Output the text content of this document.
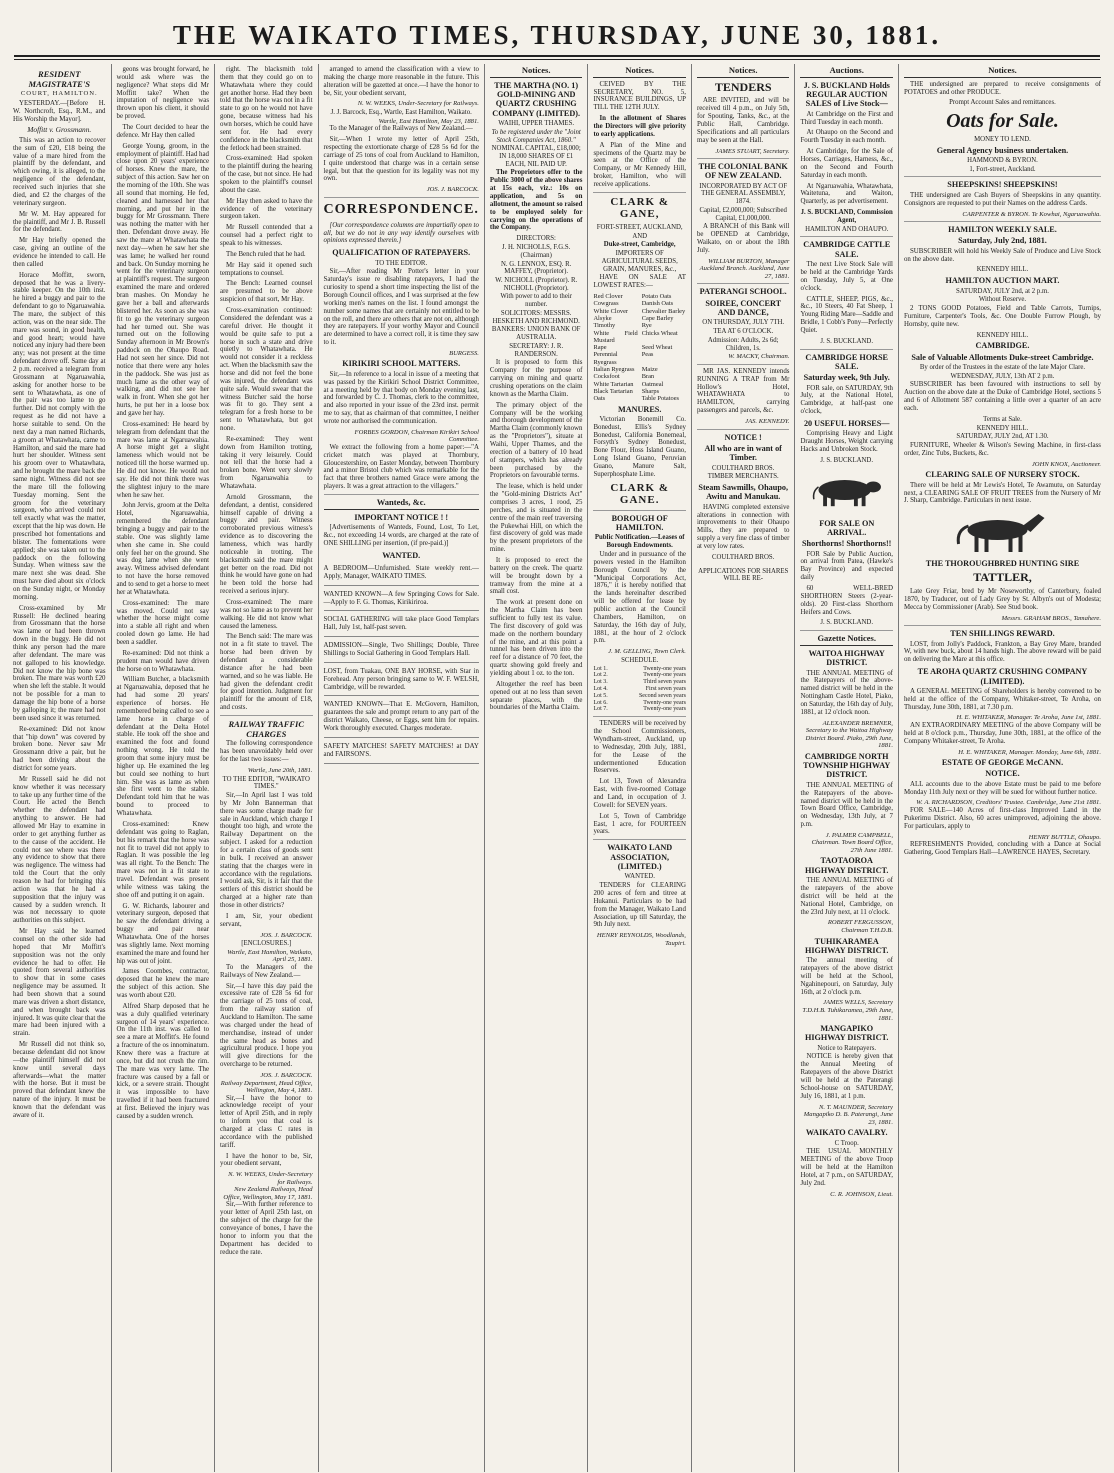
THE WAIKATO TIMES, THURSDAY, JUNE 30, 1881.
RESIDENT MAGISTRATE'S
COURT, HAMILTON.

YESTERDAY.—[Before H. W. Northcroft, Esq., R.M., and His Worship the Mayor].

Moffitt v. Grossmann.

This was an action to recover the sum of £20, £18 being the value of a mare hired from the plaintiff by the defendant, and which owing, it is alleged, to the negligence of the defendant, received such injuries that she died, and £2 the charges of the veterinary surgeon.

Mr W. M. Hay appeared for the plaintiff, and Mr J. B. Russell for the defendant.

Mr Hay briefly opened the case, giving an outline of the evidence he intended to call. He then called

Horace Moffitt, sworn, deposed that he was a livery-stable keeper. On the 10th inst. he hired a buggy and pair to the defendant to go to Ngaruawahia. The mare, the subject of this action, was on the near side. The mare was sound, in good health, and good heart; would have noticed any injury had there been any; was not present at the time defendant drove off. Same day at 2 p.m. received a telegram from Grossmann at Ngaruawahia, asking for another horse to be sent to Whatawhata, as one of the pair was too lame to go further. Did not comply with the request as he did not have a horse suitable to send. On the next day a man named Richards, a groom at Whatawhata, came to Hamilton, and said the mare had hurt her shoulder. Witness sent his groom over to Whatawhata, and he brought the mare back the same night. Witness did not see the mare till the following Tuesday morning. Sent the groom for the veterinary surgeon, who arrived could not tell exactly what was the matter, except that the hip was down. He prescribed hot fomentations and blister. The fomentations were applied; she was taken out to the paddock on the following Sunday. When witness saw the mare next she was dead. She must have died about six o'clock on the Sunday night, or Monday morning.

Cross-examined by Mr Russell: He declined hearing from Grossmann that the horse was lame or had been thrown down in the buggy. He did not think any person had the mare after defendant. The mare was not galloped to his knowledge. Did not know the hip bone was broken. The mare was worth £20 when she left the stable. It would not be possible for a man to damage the hip bone of a horse by galloping it; the mare had not been used since it was returned.

Re-examined: Did not know that "hip down" was covered by broken bone. Never saw Mr Grossmann drive a pair, but he had been driving about the district for some years.

Mr Russell said he did not know whether it was necessary to take up any further time of the Court. He acted the Bench whether the defendant had anything to answer. He had allowed Mr Hay to examine in order to get anything further as to the cause of the accident. He could not see where was there any evidence to show that there was negligence. The witness had told the Court that the only reason he had for bringing this action was that he had a supposition that the injury was caused by a sudden wrench. It was not necessary to quote authorities on this subject.

Mr Hay said he learned counsel on the other side had hoped that Mr Moffitt's supposition was not the only evidence he had to offer. He quoted from several authorities to show that in some cases negligence may be assumed. It had been shown that a sound mare was driven a short distance, and when brought back was injured. It was quite clear that the mare had been injured with a strain.

Mr Russell did not think so, because defendant did not know—the plaintiff himself did not know until several days afterwards—what the matter with the horse. But it must be proved that defendant knew the nature of the injury. It must be known that the defendant was aware of it.

geons was brought forward, he would ask where was the negligence? What steps did Mr Moffitt take? When the imputation of negligence was thrown upon his client, it should be proved.

The Court decided to hear the defence. Mr Hay then called

George Young, groom, in the employment of plaintiff. Had had close upon 20 years' experience of horses. Knew the mare, the subject of this action. Saw her on the morning of the 10th. She was all sound that morning. He fed, cleaned and harnessed her that morning, and put her in the buggy for Mr Grossmann. There was nothing the matter with her then. Defendant drove away. He saw the mare at Whatawhata the next day—when he saw her she was lame; he walked her round and back. On Sunday morning he went for the veterinary surgeon at plaintiff's request. The surgeon examined the mare and ordered bran mashes. On Monday he gave her a ball and afterwards blistered her. As soon as she was fit to go the veterinary surgeon had her turned out. She was turned out on the following Sunday afternoon in Mr Brown's paddock on the Ohaupo Road. Had not seen her since. Did not notice that there were any holes in the paddock. She was just as much lame as the other way of walking, and did not see her walk in front. When she got her hurts, he put her in a loose box and gave her hay.

Cross-examined: He heard by telegram from defendant that the mare was lame at Ngaruawahia. A horse might get a slight lameness which would not be noticed till the horse warmed up. He did not know. He would not say. He did not think there was the slightest injury to the mare when he saw her.

John Jervis, groom at the Delta Hotel, Ngaruawahia, remembered the defendant bringing a buggy and pair to the stable. One was slightly lame when she came in. She could only feel her on the ground. She was dog lame when she went away. Witness advised defendant to not have the horse removed and to send to get a horse to meet her at Whatawhata.

Cross-examined: The mare was moved. Could not say whether the horse might come into a stable all right and when cooled down go lame. He had been a saddler.

Re-examined: Did not think a prudent man would have driven the horse on to Whatawhata.

William Butcher, a blacksmith at Ngaruawahia, deposed that he had had some 20 years' experience of horses. He remembered being called to see a lame horse in charge of defendant at the Delta Hotel stable. He took off the shoe and examined the foot and found nothing wrong. He told the groom that some injury must be higher up. He examined the leg but could see nothing to hurt him. She was as lame as when she first went to the stable. Defendant told him that he was bound to proceed to Whatawhata.

Cross-examined: Knew defendant was going to Raglan, but his remark that the horse was not fit to travel did not apply to Raglan. It was possible the leg was all right. To the Bench: The mare was not in a fit state to travel. Defendant was present while witness was taking the shoe off and putting it on again.

G. W. Richards, labourer and veterinary surgeon, deposed that he saw the defendant driving a buggy and pair near Whatawhata. One of the horses was slightly lame. Next morning examined the mare and found her hip was out of joint.

James Coombes, contractor, deposed that he knew the mare the subject of this action. She was worth about £20.

Alfred Sharp deposed that he was a duly qualified veterinary surgeon of 14 years' experience. On the 11th inst. was called to see a mare at Moffitt's. He found a fracture of the os innominatum. Knew there was a fracture at once, but did not crush the rim. The mare was very lame. The fracture was caused by a fall or kick, or a severe strain. Thought it was impossible to have travelled if it had been fractured at first. Believed the injury was caused by a sudden wrench.

right. The blacksmith told them that they could go on to Whatawhata where they could get another horse. Had they been told that the horse was not in a fit state to go on he would not have gone, because witness had his own horses, which he could have sent for. He had every confidence in the blacksmith that the fetlock had been strained.

Cross-examined: Had spoken to the plaintiff during the hearing of the case, but not since. He had spoken to the plaintiff's counsel about the case.

Mr Hay then asked to have the evidence of the veterinary surgeon taken.

Mr Russell contended that a counsel had a perfect right to speak to his witnesses.

The Bench ruled that he had.

Mr Hay said it opened such temptations to counsel.

The Bench: Learned counsel are presumed to be above suspicion of that sort, Mr Hay.

Cross-examination continued: Considered the defendant was a careful driver. He thought it would be quite safe to put a horse in such a state and drive quietly to Whatawhata. He would not consider it a reckless act. When the blacksmith saw the horse and did not feel the bone was injured, the defendant was quite safe. Would swear that the witness Butcher said the horse was fit to go. They sent a telegram for a fresh horse to be sent to Whatawhata, but got none.

Re-examined: They went down from Hamilton trotting, taking it very leisurely. Could not tell that the horse had a broken bone. Went very slowly from Ngaruawahia to Whatawhata.

Arnold Grossmann, the defendant, a dentist, considered himself capable of driving a buggy and pair. Witness corroborated previous witness's evidence as to discovering the lameness, which was hardly noticeable in trotting. The blacksmith said the mare might get better on the road. Did not think he would have gone on had he been told the horse had received a serious injury.

Cross-examined: The mare was not so lame as to prevent her walking. He did not know what caused the lameness.

The Bench said: The mare was not in a fit state to travel. The horse had been driven by defendant a considerable distance after he had been warned, and so he was liable. He had given the defendant credit for good intention. Judgment for plaintiff for the amount of £18, and costs.

RAILWAY TRAFFIC CHARGES

The following correspondence has been unavoidably held over for the last two issues:—

Wartle, June 20th, 1881.
TO THE EDITOR, "WAIKATO TIMES."

Sir,—In April last I was told by Mr John Bannerman that there was some charge made for sale in Auckland, which charge I thought too high, and wrote the Railway Department on the subject. I asked for a reduction for a certain class of goods sent in bulk. I received an answer stating that the charges were in accordance with the regulations. I would ask, Sir, is it fair that the settlers of this district should be charged at a higher rate than those in other districts?

I am, Sir, your obedient servant,

JOS. J. BARCOCK.
[ENCLOSURES.]
Wartle, East Hamilton, Waikato, April 25, 1881.

To the Managers of the Railways of New Zealand.—

Sir,—I have this day paid the excessive rate of £28 5s 6d for the carriage of 25 tons of coal, from the railway station of Auckland to Hamilton. The same was charged under the head of merchandise, instead of under the same head as bones and agricultural produce. I hope you will give directions for the overcharge to be returned.

JOS. J. BARCOCK.
Railway Department, Head Office, Wellington, May 4, 1881.

Sir,—I have the honor to acknowledge receipt of your letter of April 25th, and in reply to inform you that coal is charged at class C rates in accordance with the published tariff.

I have the honor to be, Sir, your obedient servant,

N. W. WEEKS, Under-Secretary for Railways.
New Zealand Railways, Head Office, Wellington, May 17, 1881.

Sir,—With further reference to your letter of April 25th last, on the subject of the charge for the conveyance of bones, I have the honor to inform you that the Department has decided to reduce the rate.

arranged to amend the classification with a view to making the charge more reasonable in the future. This alteration will be gazetted at once.—I have the honor to be, Sir, your obedient servant,

N. W. WEEKS, Under-Secretary for Railways.
J. J. Barcock, Esq., Wartle, East Hamilton, Waikato.
Wartle, East Hamilton, May 23, 1881.

To the Manager of the Railways of New Zealand.—

Sir,—When I wrote my letter of April 25th, respecting the extortionate charge of £28 5s 6d for the carriage of 25 tons of coal from Auckland to Hamilton, I quite understood that charge was in a certain sense legal, but that the question for its legality was not my own.

JOS. J. BARCOCK.
CORRESPONDENCE.

[Our correspondence columns are impartially open to all, but we do not in any way identify ourselves with opinions expressed therein.]

QUALIFICATION OF RATEPAYERS.
TO THE EDITOR.

Sir,—After reading Mr Potter's letter in your Saturday's issue re disabling ratepayers, I had the curiosity to spend a short time inspecting the list of the Borough Council offices, and I was surprised at the few working men's names on the list. I found amongst the number some names that are certainly not entitled to be on the roll, and there are others that are not on, although they are ratepayers. If your worthy Mayor and Council are determined to have a correct roll, it is time they saw to it.

BURGESS.
KIRIKIRI SCHOOL MATTERS.

Sir,—In reference to a local in issue of a meeting that was passed by the Kirikiri School District Committee, at a meeting held by that body on Monday evening last, and forwarded by C. J. Thomas, clerk to the committee, and also reported in your issue of the 23rd inst. permit me to say, that as chairman of that committee, I neither wrote nor authorised the communication.

FORBES GORDON, Chairman Kirikiri School Committee.

We extract the following from a home paper:—"A cricket match was played at Thornbury, Gloucestershire, on Easter Monday, between Thornbury and a minor Bristol club which was remarkable for the fact that three brothers named Grace were among the players. It was a great attraction to the villagers."

Wanteds, &c.
IMPORTANT NOTICE ! !

[Advertisements of Wanteds, Found, Lost, To Let, &c., not exceeding 14 words, are charged at the rate of ONE SHILLING per insertion, (if pre-paid.)]

WANTED.
A BEDROOM—Unfurnished. State weekly rent.—Apply, Manager, WAIKATO TIMES.
WANTED KNOWN—A few Springing Cows for Sale.—Apply to F. G. Thomas, Kirikiriroa.
SOCIAL GATHERING will take place Good Templars Hall, July 1st, half-past seven.
ADMISSION—Single, Two Shillings; Double, Three Shillings to Social Gathering in Good Templars Hall.
LOST, from Tuakau, ONE BAY HORSE, with Star in Forehead. Any person bringing same to W. F. WELSH, Cambridge, will be rewarded.
WANTED KNOWN—That E. McGovern, Hamilton, guarantees the sale and prompt return to any part of the district Waikato, Cheese, or Eggs, sent him for repairs. Work thoroughly executed. Charges moderate.
SAFETY MATCHES! SAFETY MATCHES! at DAY and FAIRSON'S.
Notices.
THE MARTHA (NO. 1) GOLD-MINING AND QUARTZ CRUSHING COMPANY (LIMITED).
WAIHI, UPPER THAMES.
To be registered under the "Joint Stock Companies Act, 1860."
NOMINAL CAPITAL, £18,000; IN 18,000 SHARES OF £1 EACH, NIL PAID UP.

The Proprietors offer to the Public 3000 of the above shares at 15s each, viz.: 10s on application, and 5s on allotment, the amount so raised to be employed solely for carrying on the operations of the Company.

DIRECTORS:
J. H. NICHOLLS, F.G.S. (Chairman)
N. G. LENNOX, ESQ. R. MAFFEY, (Proprietor).
W. NICHOLL (Proprietor). R. NICHOLL (Proprietor).
With power to add to their number.
SOLICITORS: MESSRS. HESKETH AND RICHMOND.
BANKERS: UNION BANK OF AUSTRALIA.
SECRETARY: J. R. RANDERSON.

It is proposed to form this Company for the purpose of carrying on mining and quartz crushing operations on the claim known as the Martha Claim.

The primary object of the Company will be the working and thorough development of the Martha Claim (commonly known as the "Proprietors"), situate at Waihi, Upper Thames, and the erection of a battery of 10 head of stampers, which has already been purchased by the Proprietors on favourable terms.

The lease, which is held under the "Gold-mining Districts Act" comprises 3 acres, 1 rood, 25 perches, and is situated in the centre of the main reef traversing the Pukewhai Hill, on which the first discovery of gold was made by the present proprietors of the mine.

It is proposed to erect the battery on the creek. The quartz will be brought down by a tramway from the mine at a small cost.

The work at present done on the Martha Claim has been sufficient to fully test its value. The first discovery of gold was made on the northern boundary of the mine, and at this point a tunnel has been driven into the reef for a distance of 70 feet, the quartz showing gold freely and yielding about 1 oz. to the ton.

Altogether the reef has been opened out at no less than seven separate places, with the boundaries of the Martha Claim.

Notices.

CEIVED BY THE SECRETARY, NO. 5, INSURANCE BUILDINGS, UP TILL THE 12TH JULY.

In the allotment of Shares the Directors will give priority to early applications.

A Plan of the Mine and specimens of the Quartz may be seen at the Office of the Company, or Mr Kennedy Hill, broker, Hamilton, who will receive applications.

CLARK & GANE,
FORT-STREET, AUCKLAND,
AND
Duke-street, Cambridge,
IMPORTERS OF AGRICULTURAL SEEDS, GRAIN, MANURES, &c.,

HAVE ON SALE AT LOWEST RATES:—

Red Clover	Potato Oats
Cowgrass	Danish Oats
White Clover	Chevalier Barley
Alsyke	Cape Barley
Timothy	Rye
White Field Mustard
Chicks Wheat
Rape	Seed Wheat
Perennial Ryegrass
Peas
Italian Ryegrass	Maize
Cocksfoot	Bran
White Tartarian	Oatmeal
Black Tartarian	Sharps
Oats	Table Potatoes
MANURES.

Victorian Bonemill Co. Bonedust, Ellis's Sydney Bonedust, California Bonemeal, Forsyth's Sydney Bonedust, Bone Flour, Hoss Island Guano, Long Island Guano, Peruvian Guano, Manure Salt, Superphosphate Lime.

CLARK & GANE.
BOROUGH OF HAMILTON.
Public Notification.—Leases of Borough Endowments.

Under and in pursuance of the powers vested in the Hamilton Borough Council by the "Municipal Corporations Act, 1876," it is hereby notified that the lands hereinafter described will be offered for lease by public auction at the Council Chambers, Hamilton, on Saturday, the 16th day of July, 1881, at the hour of 2 o'clock p.m.

J. M. GELLING, Town Clerk.
SCHEDULE.
Lot 1.	Twenty-one years
Lot 2.	Twenty-one years
Lot 3.	Third seven years
Lot 4.	First seven years
Lot 5.	Second seven years
Lot 6.	Twenty-one years
Lot 7.	Twenty-one years

TENDERS will be received by the School Commissioners, Wyndham-street, Auckland, up to Wednesday, 20th July, 1881, for the Lease of the undermentioned Education Reserves.

Lot 13, Town of Alexandra East, with five-roomed Cottage and Land, in occupation of J. Cowell: for SEVEN years.

Lot 5, Town of Cambridge East, 1 acre, for FOURTEEN years.

WAIKATO LAND ASSOCIATION, (LIMITED.)
WANTED.

TENDERS for CLEARING 200 acres of fern and titree at Hukanui. Particulars to be had from the Manager, Waikato Land Association, up till Saturday, the 9th July next.

HENRY REYNOLDS, Woodlands, Taupiri.
Notices.
TENDERS

ARE INVITED, and will be received till 4 p.m., on July 5th, for Spouting, Tanks, &c., at the Public Hall, Cambridge. Specifications and all particulars may be seen at the Hall.

JAMES STUART, Secretary.
THE COLONIAL BANK OF NEW ZEALAND.
INCORPORATED BY ACT OF THE GENERAL ASSEMBLY, 1874.
Capital, £2,000,000; Subscribed Capital, £1,000,000.

A BRANCH of this Bank will be OPENED at Cambridge, Waikato, on or about the 18th July.

WILLIAM BURTON, Manager Auckland Branch. Auckland, June 27, 1881.
PATERANGI SCHOOL.
SOIREE, CONCERT AND DANCE,
ON THURSDAY, JULY 7TH.
TEA AT 6 O'CLOCK.
Admission: Adults, 2s 6d; Children, 1s.
W. MACKY, Chairman.

MR JAS. KENNEDY intends RUNNING A TRAP from Mr Hollow's Hotel, WHATAWHATA to HAMILTON, carrying passengers and parcels, &c.

JAS. KENNEDY.
NOTICE !
All who are in want of Timber.
COULTHARD BROS.
TIMBER MERCHANTS.
Steam Sawmills, Ohaupo, Awitu and Manukau.

HAVING completed extensive alterations in connection with improvements to their Ohaupo Mills, they are prepared to supply a very fine class of timber at very low rates.

COULTHARD BROS.
APPLICATIONS FOR SHARES WILL BE RE-
Auctions.
J. S. BUCKLAND Holds REGULAR AUCTION SALES of Live Stock—

At Cambridge on the First and Third Tuesday in each month.

At Ohaupo on the Second and Fourth Tuesday in each month.

At Cambridge, for the Sale of Horses, Carriages, Harness, &c., on the Second and Fourth Saturday in each month.

At Ngaruawahia, Whatawhata, Waitetuna, and Waiton, Quarterly, as per advertisement.

J. S. BUCKLAND, Commission Agent,
HAMILTON AND OHAUPO.
CAMBRIDGE CATTLE SALE.

The next Live Stock Sale will be held at the Cambridge Yards on Tuesday, July 5, at One o'clock.

CATTLE, SHEEP, PIGS, &c., &c., 10 Steers, 40 Fat Sheep, 1 Young Riding Mare—Saddle and Bridle, 1 Cobb's Pony—Perfectly Quiet.

J. S. BUCKLAND.
CAMBRIDGE HORSE SALE.
Saturday week, 9th July.

FOR sale, on SATURDAY, 9th July, at the National Hotel, Cambridge, at half-past one o'clock,

20 USEFUL HORSES—

Comprising Heavy and Light Draught Horses, Weight carrying Hacks and Unbroken Stock.

J. S. BUCKLAND.
FOR SALE ON ARRIVAL.
Shorthorns! Shorthorns!!

FOR Sale by Public Auction, on arrival from Patea, (Hawke's Bay Province) and expected daily

60 WELL-BRED SHORTHORN Steers (2-year-olds). 20 First-class Shorthorn Heifers and Cows.

J. S. BUCKLAND.
Gazette Notices.
WAITOA HIGHWAY DISTRICT.

THE ANNUAL MEETING of the Ratepayers of the above-named district will be held in the Nottingham Castle Hotel, Piako, on Saturday, the 16th day of July, 1881, at 12 o'clock noon.

ALEXANDER BREMNER, Secretary to the Waitoa Highway District Board. Piako, 29th June, 1881.
CAMBRIDGE NORTH TOWNSHIP HIGHWAY DISTRICT.

THE ANNUAL MEETING of the Ratepayers of the above-named district will be held in the Town Board Office, Cambridge, on Wednesday, 13th July, at 7 p.m.

J. PALMER CAMPBELL, Chairman. Town Board Office, 27th June 1881.
TAOTAOROA HIGHWAY DISTRICT.

THE ANNUAL MEETING of the ratepayers of the above district will be held at the National Hotel, Cambridge, on the 23rd July next, at 11 o'clock.

ROBERT FERGUSSON, Chairman T.H.D.B.
TUHIKARAMEA HIGHWAY DISTRICT.

The annual meeting of ratepayers of the above district will be held at the School, Ngahinepouri, on Saturday, July 16th, at 2 o'clock p.m.

JAMES WELLS, Secretary T.D.H.B. Tuhikaramea, 29th June, 1881.
MANGAPIKO HIGHWAY DISTRICT.
Notice to Ratepayers.

NOTICE is hereby given that the Annual Meeting of Ratepayers of the above District will be held at the Paterangi School-house on SATURDAY, July 16, 1881, at 1 p.m.

N. T. MAUNDER, Secretary Mangapiko D. B. Paterangi, June 23, 1881.
WAIKATO CAVALRY.
C Troop.

THE USUAL MONTHLY MEETING of the above Troop will be held at the Hamilton Hotel, at 7 p.m., on SATURDAY, July 2nd.

C. R. JOHNSON, Lieut.
Notices.

THE undersigned are prepared to receive consignments of POTATOES and other PRODUCE.

Prompt Account Sales and remittances.
Oats for Sale.
MONEY TO LEND.
General Agency business undertaken.
HAMMOND & BYRON.
1, Fort-street, Auckland.
SHEEPSKINS! SHEEPSKINS!

THE undersigned are Cash Buyers of Sheepskins in any quantity. Consignors are requested to put their Names on the address Cards.

CARPENTER & BYRON. Te Kowhai, Ngaruawahia.
HAMILTON WEEKLY SALE.
Saturday, July 2nd, 1881.

SUBSCRIBER will hold his Weekly Sale of Produce and Live Stock on the above date.

KENNEDY HILL.
HAMILTON AUCTION MART.
SATURDAY, JULY 2nd, at 2 p.m.
Without Reserve.

2 TONS GOOD Potatoes, Field and Table Carrots, Turnips, Furniture, Carpenter's Tools, &c. One Double Furrow Plough, by Hornsby, quite new.

KENNEDY HILL.
CAMBRIDGE.
Sale of Valuable Allotments Duke-street Cambridge.
By order of the Trustees in the estate of the late Major Clare.
WEDNESDAY, JULY, 13th AT 2 p.m.

SUBSCRIBER has been favoured with instructions to sell by Auction on the above date at the Duke of Cambridge Hotel, sections 5 and 6 of Allotment 587 containing a little over a quarter of an acre each.

Terms at Sale.
KENNEDY HILL.
SATURDAY, JULY 2nd, AT 1.30.

FURNITURE, Wheeler & Wilson's Sewing Machine, in first-class order, Zinc Tubs, Buckets, &c.

JOHN KNOX, Auctioneer.
CLEARING SALE OF NURSERY STOCK.

There will be held at Mr Lewis's Hotel, Te Awamutu, on Saturday next, a CLEARING SALE OF FRUIT TREES from the Nursery of Mr J. Sharp, Cambridge. Particulars in next issue.

THE THOROUGHBRED HUNTING SIRE
TATTLER,

Late Grey Friar, bred by Mr Noseworthy, of Canterbury, foaled 1870, by Traducer, out of Lady Grey by St. Albyn's out of Modesta; Mecca by Commissioner (Arab). See Stud book.

Messrs. GRAHAM BROS., Tamahere.
TEN SHILLINGS REWARD.

LOST, from Jolly's Paddock, Frankton, a Bay Grey Mare, branded W, with new buck, about 14 hands high. The above reward will be paid on delivering the Mare at this office.

TE AROHA QUARTZ CRUSHING COMPANY (LIMITED).

A GENERAL MEETING of Shareholders is hereby convened to be held at the office of the Company, Whitaker-street, Te Aroha, on Thursday, June 30th, 1881, at 7.30 p.m.

H. E. WHITAKER, Manager. Te Aroha, June 1st, 1881.

AN EXTRAORDINARY MEETING of the above Company will be held at 8 o'clock p.m., Thursday, June 30th, 1881, at the office of the Company Whitaker-street, Te Aroha.

H. E. WHITAKER, Manager. Monday, June 6th, 1881.
ESTATE OF GEORGE McCANN.
NOTICE.

ALL accounts due to the above Estate must be paid to me before Monday 11th July next or they will be sued for without further notice.

W. A. RICHARDSON, Creditors' Trustee. Cambridge, June 21st 1881.

FOR SALE—140 Acres of first-class Improved Land in the Pukerimu District. Also, 60 acres unimproved, adjoining the above. For particulars, apply to

HENRY BUTTLE, Ohaupo.

REFRESHMENTS Provided, concluding with a Dance at Social Gathering, Good Templars Hall—LAWRENCE HAYES, Secretary.
